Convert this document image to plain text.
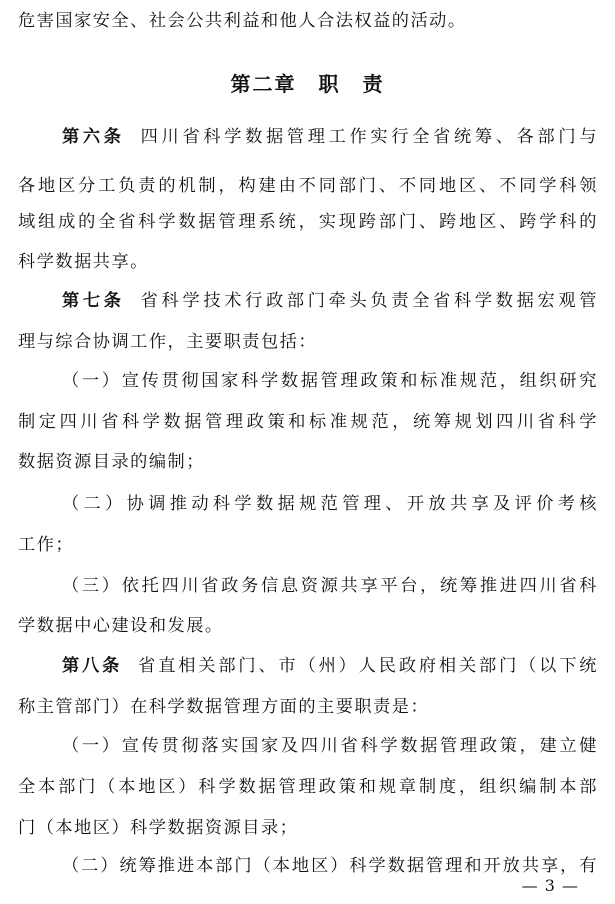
危害国家安全、社会公共利益和他人合法权益的活动。
第二章　职　责
第六条 四川省科学数据管理工作实行全省统筹、各部门与
各地区分工负责的机制，构建由不同部门、不同地区、不同学科领
域组成的全省科学数据管理系统，实现跨部门、跨地区、跨学科的
科学数据共享。
第七条 省科学技术行政部门牵头负责全省科学数据宏观管
理与综合协调工作，主要职责包括：
（一）宣传贯彻国家科学数据管理政策和标准规范，组织研究
制定四川省科学数据管理政策和标准规范，统筹规划四川省科学
数据资源目录的编制；
（二）协调推动科学数据规范管理、开放共享及评价考核
工作；
（三）依托四川省政务信息资源共享平台，统筹推进四川省科
学数据中心建设和发展。
第八条 省直相关部门、市（州）人民政府相关部门（以下统
称主管部门）在科学数据管理方面的主要职责是：
（一）宣传贯彻落实国家及四川省科学数据管理政策，建立健
全本部门（本地区）科学数据管理政策和规章制度，组织编制本部
门（本地区）科学数据资源目录；
（二）统筹推进本部门（本地区）科学数据管理和开放共享，有
— 3 —
